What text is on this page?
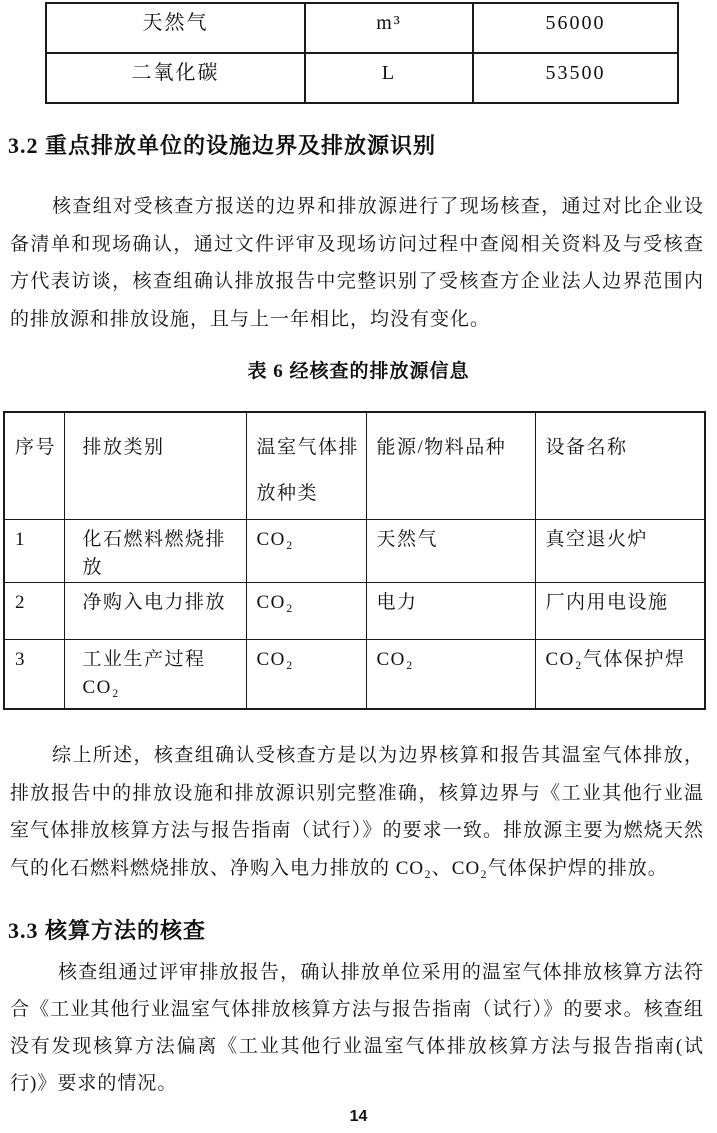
天然气	m³	56000
二氧化碳	L	53500
3.2 重点排放单位的设施边界及排放源识别
核查组对受核查方报送的边界和排放源进行了现场核查，通过对比企业设备清单和现场确认，通过文件评审及现场访问过程中查阅相关资料及与受核查方代表访谈，核查组确认排放报告中完整识别了受核查方企业法人边界范围内的排放源和排放设施，且与上一年相比，均没有变化。
表 6 经核查的排放源信息
序号	排放类别	温室气体排放种类	能源/物料品种	设备名称
1	化石燃料燃烧排放	CO₂	天然气	真空退火炉
2	净购入电力排放	CO₂	电力	厂内用电设施
3	工业生产过程 CO₂	CO₂	CO₂	CO₂气体保护焊
综上所述，核查组确认受核查方是以为边界核算和报告其温室气体排放，排放报告中的排放设施和排放源识别完整准确，核算边界与《工业其他行业温室气体排放核算方法与报告指南（试行）》的要求一致。排放源主要为燃烧天然气的化石燃料燃烧排放、净购入电力排放的 CO₂、CO₂气体保护焊的排放。
3.3 核算方法的核查
核查组通过评审排放报告，确认排放单位采用的温室气体排放核算方法符合《工业其他行业温室气体排放核算方法与报告指南（试行）》的要求。核查组没有发现核算方法偏离《工业其他行业温室气体排放核算方法与报告指南(试行)》要求的情况。
14
